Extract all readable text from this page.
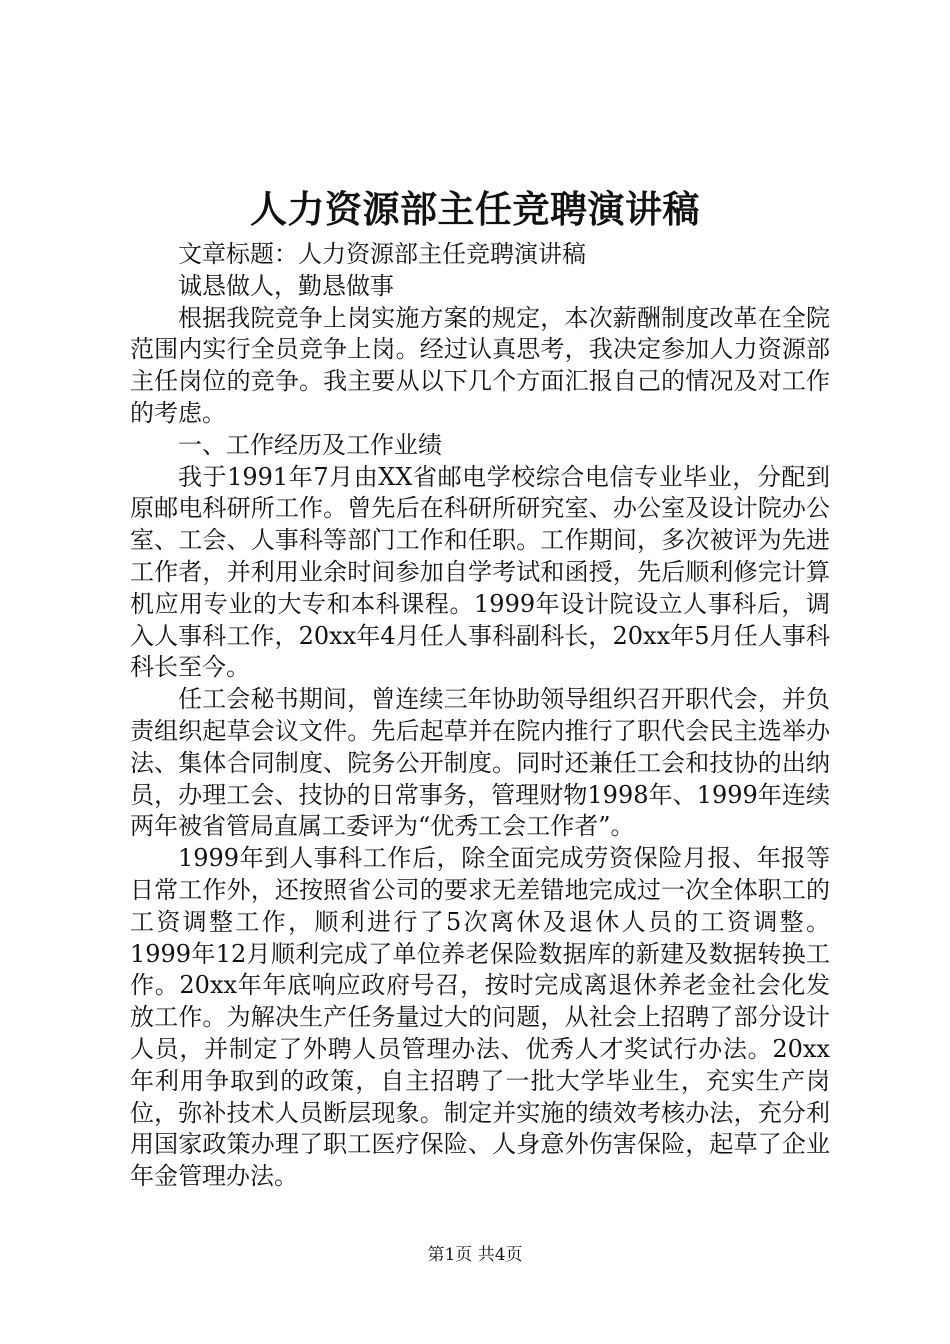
人力资源部主任竞聘演讲稿

文章标题：人力资源部主任竞聘演讲稿

诚恳做人，勤恳做事

根据我院竞争上岗实施方案的规定，本次薪酬制度改革在全院范围内实行全员竞争上岗。经过认真思考，我决定参加人力资源部主任岗位的竞争。我主要从以下几个方面汇报自己的情况及对工作的考虑。

一、工作经历及工作业绩

我于1991年7月由XX省邮电学校综合电信专业毕业，分配到原邮电科研所工作。曾先后在科研所研究室、办公室及设计院办公室、工会、人事科等部门工作和任职。工作期间，多次被评为先进工作者，并利用业余时间参加自学考试和函授，先后顺利修完计算机应用专业的大专和本科课程。1999年设计院设立人事科后，调入人事科工作，20xx年4月任人事科副科长，20xx年5月任人事科科长至今。

任工会秘书期间，曾连续三年协助领导组织召开职代会，并负责组织起草会议文件。先后起草并在院内推行了职代会民主选举办法、集体合同制度、院务公开制度。同时还兼任工会和技协的出纳员，办理工会、技协的日常事务，管理财物1998年、1999年连续两年被省管局直属工委评为“优秀工会工作者”。

1999年到人事科工作后，除全面完成劳资保险月报、年报等日常工作外，还按照省公司的要求无差错地完成过一次全体职工的工资调整工作，顺利进行了5次离休及退休人员的工资调整。1999年12月顺利完成了单位养老保险数据库的新建及数据转换工作。20xx年年底响应政府号召，按时完成离退休养老金社会化发放工作。为解决生产任务量过大的问题，从社会上招聘了部分设计人员，并制定了外聘人员管理办法、优秀人才奖试行办法。20xx年利用争取到的政策，自主招聘了一批大学毕业生，充实生产岗位，弥补技术人员断层现象。制定并实施的绩效考核办法，充分利用国家政策办理了职工医疗保险、人身意外伤害保险，起草了企业年金管理办法。

第1页 共4页
